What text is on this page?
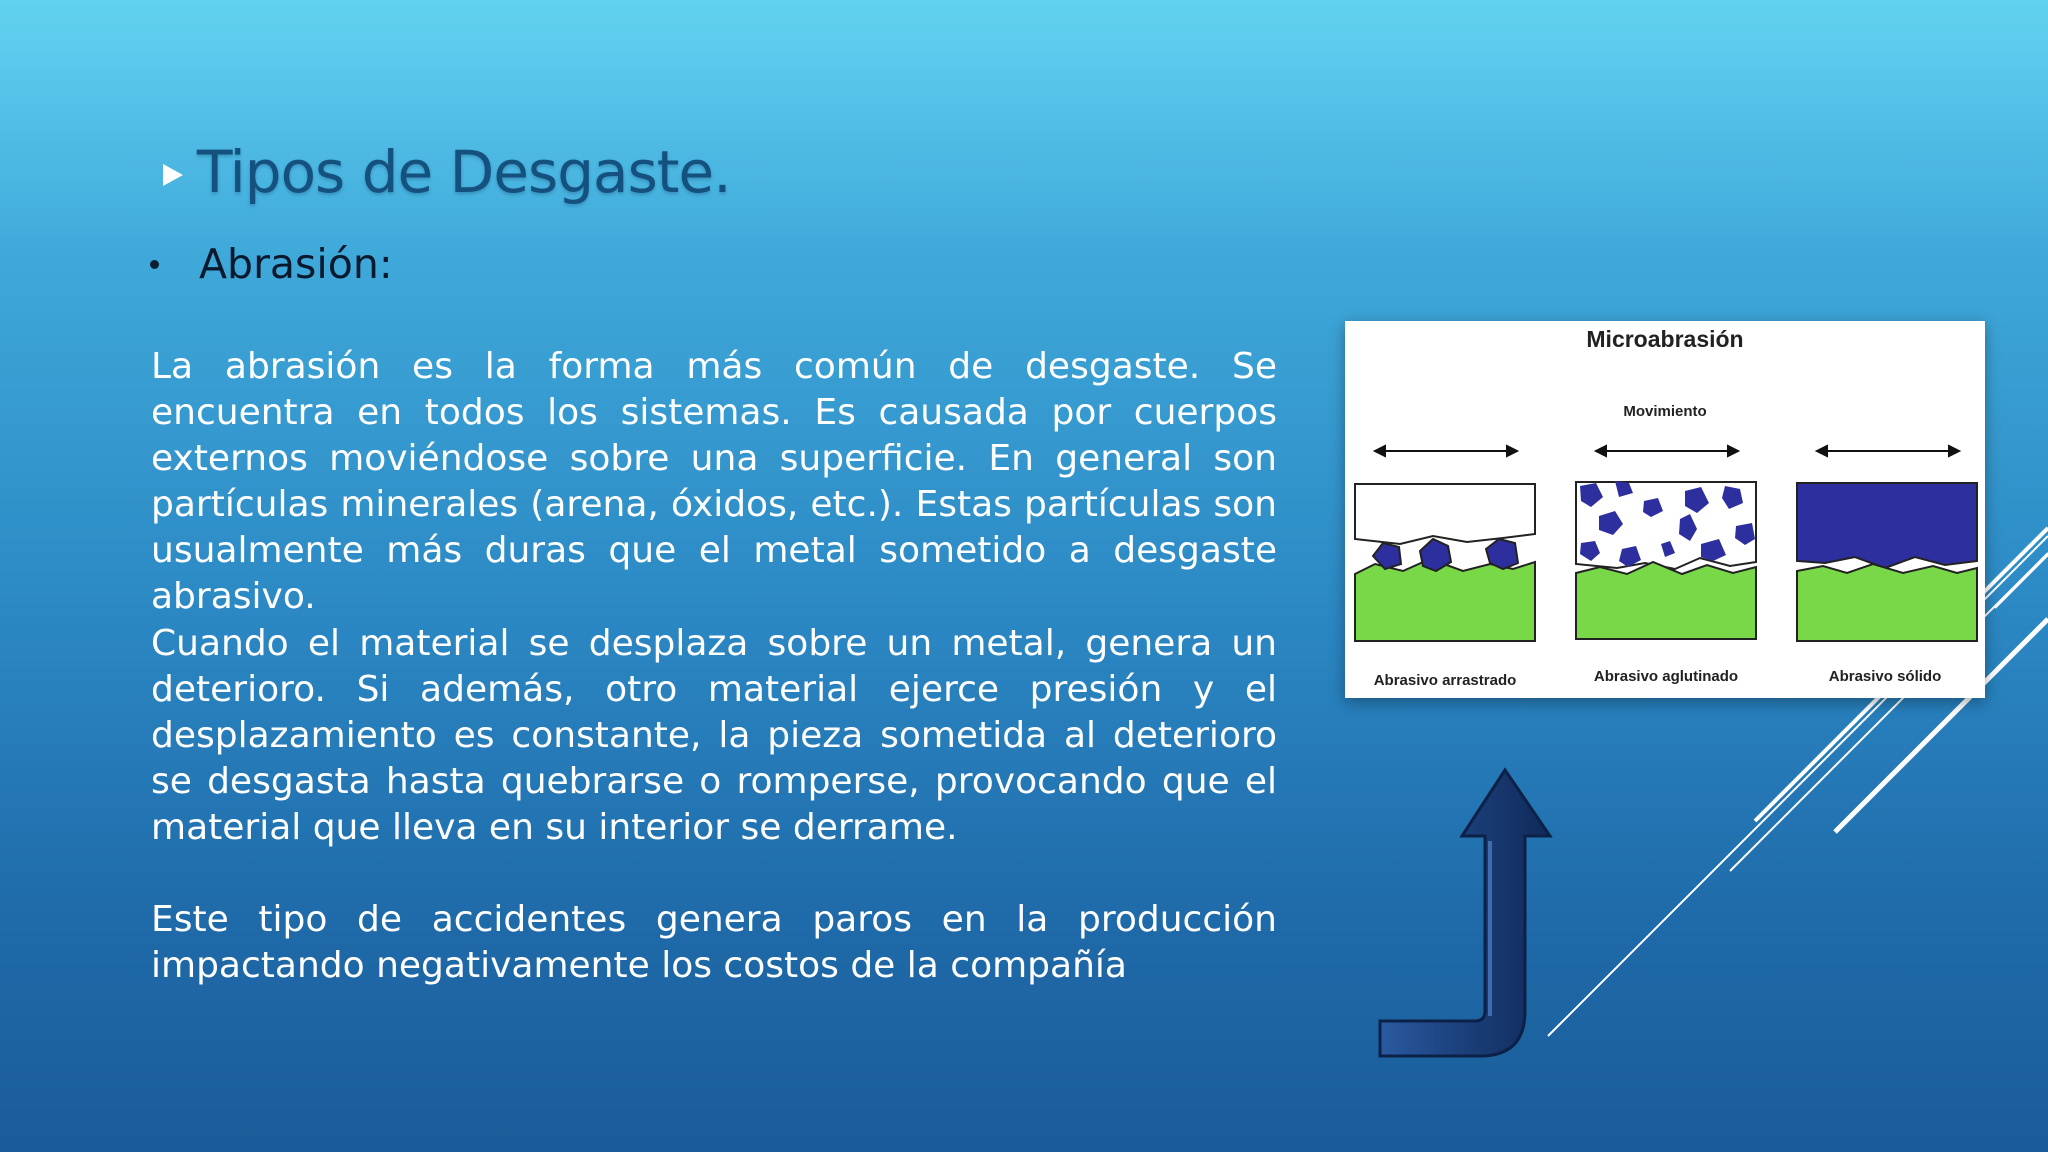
Tipos de Desgaste.
Abrasión:
La abrasión es la forma más común de desgaste. Se encuentra en todos los sistemas. Es causada por cuerpos externos moviéndose sobre una superficie. En general son partículas minerales (arena, óxidos, etc.). Estas partículas son usualmente más duras que el metal sometido a desgaste abrasivo.
Cuando el material se desplaza sobre un metal, genera un deterioro. Si además, otro material ejerce presión y el desplazamiento es constante, la pieza sometida al deterioro se desgasta hasta quebrarse o romperse, provocando que el material que lleva en su interior se derrame.
Este tipo de accidentes genera paros en la producción impactando negativamente los costos de la compañía
Microabrasión
Movimiento
Abrasivo arrastrado	Abrasivo aglutinado	Abrasivo sólido
